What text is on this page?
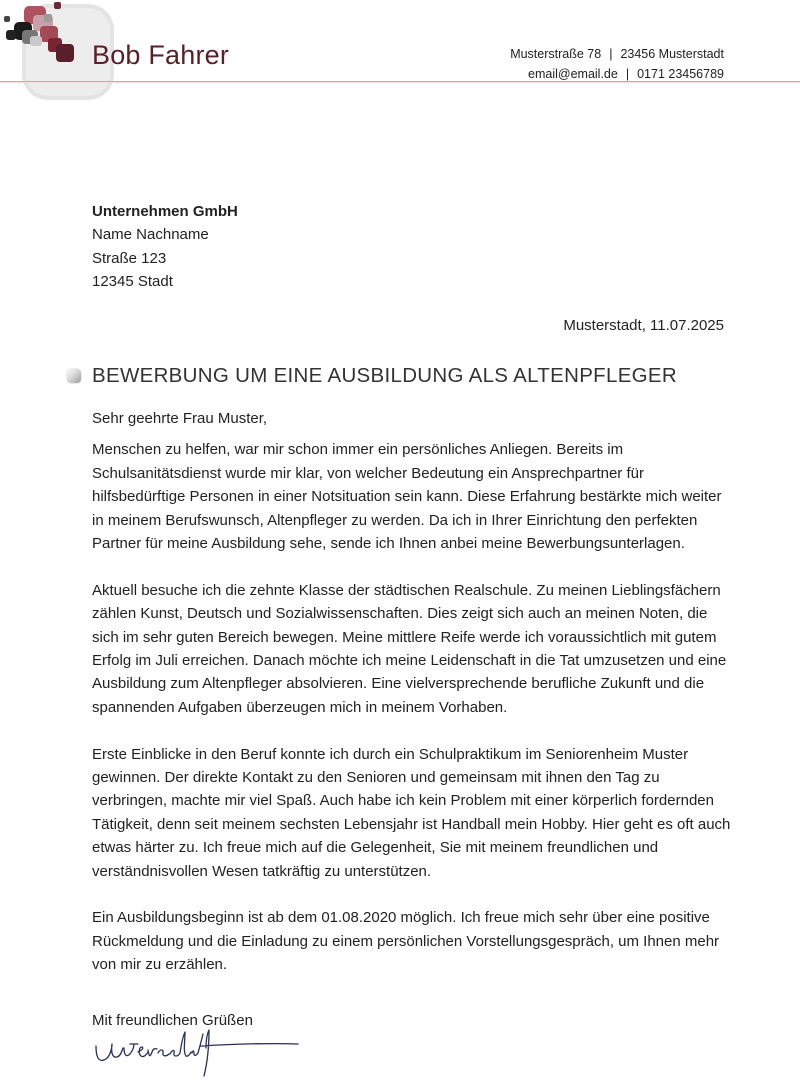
Bob Fahrer	Musterstraße 78 | 23456 Musterstadt
email@email.de | 0171 23456789
Unternehmen GmbH
Name Nachname
Straße 123
12345 Stadt
Musterstadt, 11.07.2025
BEWERBUNG UM EINE AUSBILDUNG ALS ALTENPFLEGER

Sehr geehrte Frau Muster,

Menschen zu helfen, war mir schon immer ein persönliches Anliegen. Bereits im Schulsanitätsdienst wurde mir klar, von welcher Bedeutung ein Ansprechpartner für hilfsbedürftige Personen in einer Notsituation sein kann. Diese Erfahrung bestärkte mich weiter in meinem Berufswunsch, Altenpfleger zu werden. Da ich in Ihrer Einrichtung den perfekten Partner für meine Ausbildung sehe, sende ich Ihnen anbei meine Bewerbungsunterlagen.

Aktuell besuche ich die zehnte Klasse der städtischen Realschule. Zu meinen Lieblingsfächern zählen Kunst, Deutsch und Sozialwissenschaften. Dies zeigt sich auch an meinen Noten, die sich im sehr guten Bereich bewegen. Meine mittlere Reife werde ich voraussichtlich mit gutem Erfolg im Juli erreichen. Danach möchte ich meine Leidenschaft in die Tat umzusetzen und eine Ausbildung zum Altenpfleger absolvieren. Eine vielversprechende berufliche Zukunft und die spannenden Aufgaben überzeugen mich in meinem Vorhaben.

Erste Einblicke in den Beruf konnte ich durch ein Schulpraktikum im Seniorenheim Muster gewinnen. Der direkte Kontakt zu den Senioren und gemeinsam mit ihnen den Tag zu verbringen, machte mir viel Spaß. Auch habe ich kein Problem mit einer körperlich fordernden Tätigkeit, denn seit meinem sechsten Lebensjahr ist Handball mein Hobby. Hier geht es oft auch etwas härter zu. Ich freue mich auf die Gelegenheit, Sie mit meinem freundlichen und verständnisvollen Wesen tatkräftig zu unterstützen.

Ein Ausbildungsbeginn ist ab dem 01.08.2020 möglich. Ich freue mich sehr über eine positive Rückmeldung und die Einladung zu einem persönlichen Vorstellungsgespräch, um Ihnen mehr von mir zu erzählen.

Mit freundlichen Grüßen
